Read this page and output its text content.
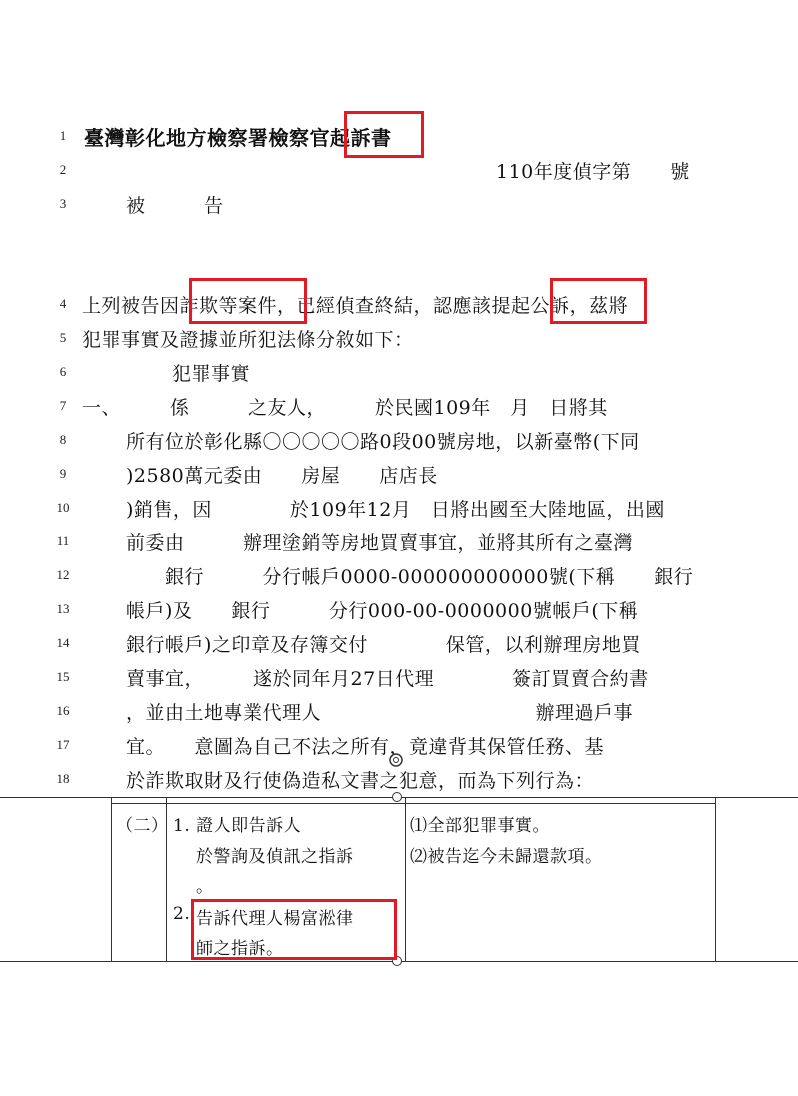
1
2
3
4
5
6
7
8
9
10
11
12
13
14
15
16
17
18
臺灣彰化地方檢察署檢察官起訴書
110年度偵字第　　號
被　　　告
上列被告因詐欺等案件，已經偵查終結，認應該提起公訴，茲將
犯罪事實及證據並所犯法條分敘如下：
犯罪事實
一、　　　係　　　之友人，　　　於民國109年　月　日將其
所有位於彰化縣〇〇〇〇〇路0段00號房地，以新臺幣(下同
)2580萬元委由　　房屋　　店店長
)銷售，因　　　　於109年12月　日將出國至大陸地區，出國
前委由　　　辦理塗銷等房地買賣事宜，並將其所有之臺灣
　　銀行　　　分行帳戶0000-000000000000號(下稱　　銀行
帳戶)及　　銀行　　　分行000-00-0000000號帳戶(下稱
銀行帳戶)之印章及存簿交付　　　　保管，以利辦理房地買
賣事宜，　　　遂於同年月27日代理　　　　簽訂買賣合約書
，並由土地專業代理人　　　　　　　　　　　辦理過戶事
宜。　　意圖為自己不法之所有，竟違背其保管任務、基
於詐欺取財及行使偽造私文書之犯意，而為下列行為：
（二） 1. 證人即告訴人
於警詢及偵訊之指訴
。
2. 告訴代理人楊富淞律
師之指訴。
⑴全部犯罪事實。
⑵被告迄今未歸還款項。
